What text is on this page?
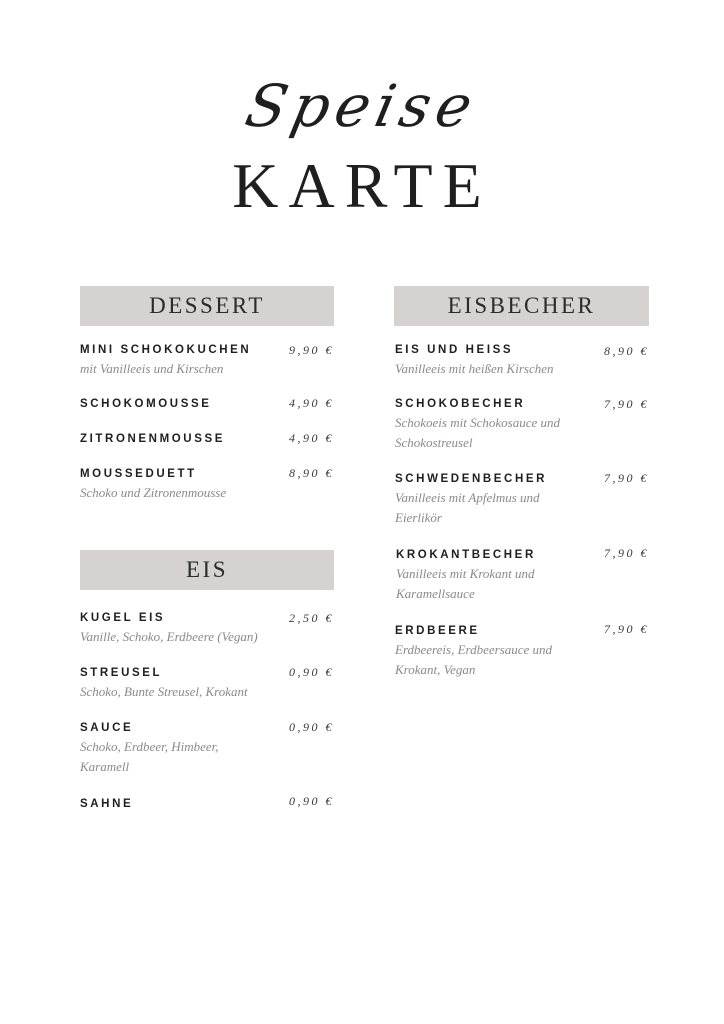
Speise
KARTE
DESSERT
MINI SCHOKOKUCHEN
mit Vanilleeis und Kirschen
9,90 €
SCHOKOMOUSSE	4,90 €
ZITRONENMOUSSE	4,90 €
MOUSSEDUETT
Schoko und Zitronenmousse
8,90 €
EIS
KUGEL EIS
Vanille, Schoko, Erdbeere (Vegan)
2,50 €
STREUSEL
Schoko, Bunte Streusel, Krokant
0,90 €
SAUCE
Schoko, Erdbeer, Himbeer, Karamell
0,90 €
SAHNE	0,90 €
EISBECHER
EIS UND HEISS
Vanilleeis mit heißen Kirschen
8,90 €
SCHOKOBECHER
Schokoeis mit Schokosauce und Schokostreusel
7,90 €
SCHWEDENBECHER
Vanilleeis mit Apfelmus und Eierlikör
7,90 €
KROKANTBECHER
Vanilleeis mit Krokant und Karamellsauce
7,90 €
ERDBEERE
Erdbeereis, Erdbeersauce und Krokant, Vegan
7,90 €
